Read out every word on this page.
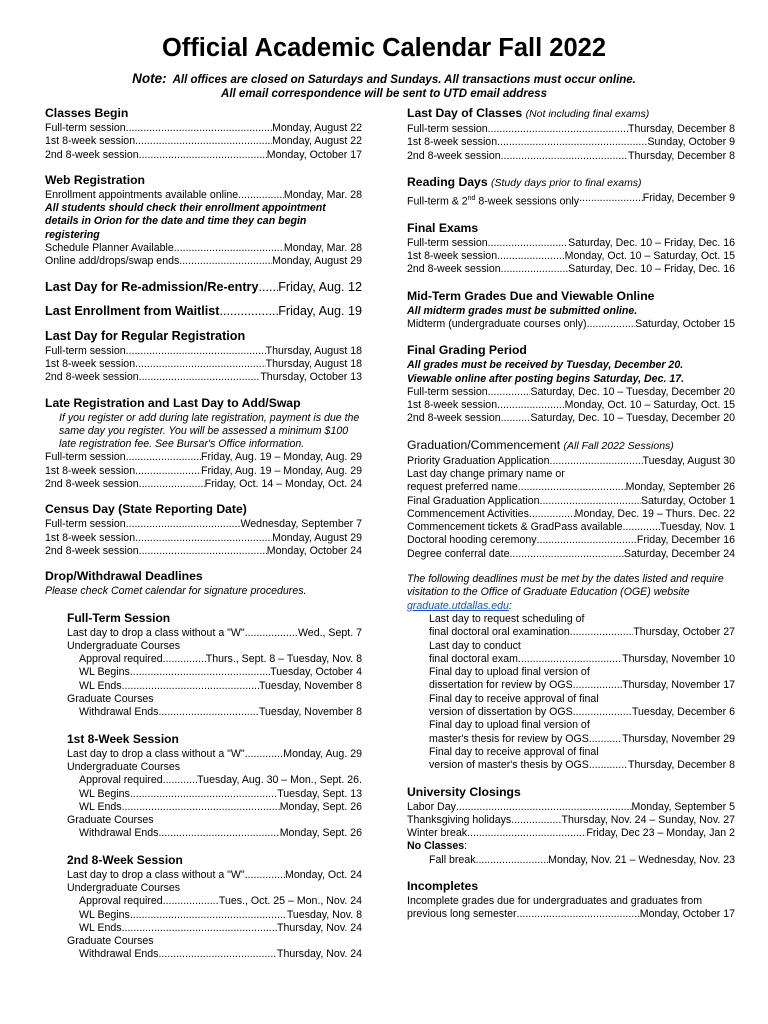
Official Academic Calendar Fall 2022
Note: All offices are closed on Saturdays and Sundays. All transactions must occur online.
All email correspondence will be sent to UTD email address
Classes Begin
Full-term session .....	Monday, August 22
1st 8-week session .....	Monday, August 22
2nd 8-week session .....	Monday, October 17
Web Registration
Enrollment appointments available online .....	Monday, Mar. 28
All students should check their enrollment appointment details in Orion for the date and time they can begin registering
Schedule Planner Available .....	Monday, Mar. 28
Online add/drops/swap ends .....	Monday, August 29
Last Day for Re-admission/Re-entry ..... Friday, Aug. 12
Last Enrollment from Waitlist .....	Friday, Aug. 19
Last Day for Regular Registration
Full-term session .....	Thursday, August 18
1st 8-week session .....	Thursday, August 18
2nd 8-week session .....	Thursday, October 13
Late Registration and Last Day to Add/Swap
If you register or add during late registration, payment is due the same day you register. You will be assessed a minimum $100 late registration fee. See Bursar's Office information.
Full-term session .....	Friday, Aug. 19 – Monday, Aug. 29
1st 8-week session .....	Friday, Aug. 19 – Monday, Aug. 29
2nd 8-week session .....	Friday, Oct. 14 – Monday, Oct. 24
Census Day (State Reporting Date)
Full-term session .....	Wednesday, September 7
1st 8-week session .....	Monday, August 29
2nd 8-week session .....	Monday, October 24
Drop/Withdrawal Deadlines
Please check Comet calendar for signature procedures.
Full-Term Session
Last day to drop a class without a "W" .....	Wed., Sept. 7
Undergraduate Courses
Approval required .....	Thurs., Sept. 8 – Tuesday, Nov. 8
WL Begins .....	Tuesday, October 4
WL Ends .....	Tuesday, November 8
Graduate Courses
Withdrawal Ends .....	Tuesday, November 8
1st 8-Week Session
Last day to drop a class without a "W" .....	Monday, Aug. 29
Undergraduate Courses
Approval required .....	Tuesday, Aug. 30 – Mon., Sept. 26.
WL Begins .....	Tuesday, Sept. 13
WL Ends .....	Monday, Sept. 26
Graduate Courses
Withdrawal Ends .....	Monday, Sept. 26
2nd 8-Week Session
Last day to drop a class without a "W" .....	Monday, Oct. 24
Undergraduate Courses
Approval required .....	Tues., Oct. 25 – Mon., Nov. 24
WL Begins .....	Tuesday, Nov. 8
WL Ends .....	Thursday, Nov. 24
Graduate Courses
Withdrawal Ends .....	Thursday, Nov. 24
Last Day of Classes (Not including final exams)
Full-term session .....	Thursday, December 8
1st 8-week session .....	Sunday, October 9
2nd 8-week session .....	Thursday, December 8
Reading Days (Study days prior to final exams)
Full-term & 2nd 8-week sessions only .....	Friday, December 9
Final Exams
Full-term session .....	Saturday, Dec. 10 – Friday, Dec. 16
1st 8-week session .....	Monday, Oct. 10 – Saturday, Oct. 15
2nd 8-week session .....	Saturday, Dec. 10 – Friday, Dec. 16
Mid-Term Grades Due and Viewable Online
All midterm grades must be submitted online.
Midterm (undergraduate courses only) .....	Saturday, October 15
Final Grading Period
All grades must be received by Tuesday, December 20.
Viewable online after posting begins Saturday, Dec. 17.
Full-term session .....	Saturday, Dec. 10 – Tuesday, December 20
1st 8-week session .....	Monday, Oct. 10 – Saturday, Oct. 15
2nd 8-week session .....	Saturday, Dec. 10 – Tuesday, December 20
Graduation/Commencement (All Fall 2022 Sessions)
Priority Graduation Application .....	Tuesday, August 30
Last day change primary name or
request preferred name .....	Monday, September 26
Final Graduation Application .....	Saturday, October 1
Commencement Activities .....	Monday, Dec. 19 – Thurs. Dec. 22
Commencement tickets & GradPass available .....	Tuesday, Nov. 1
Doctoral hooding ceremony .....	Friday, December 16
Degree conferral date .....	Saturday, December 24
The following deadlines must be met by the dates listed and require visitation to the Office of Graduate Education (OGE) website graduate.utdallas.edu:
Last day to request scheduling of
final doctoral oral examination .....	Thursday, October 27
Last day to conduct
final doctoral exam .....	Thursday, November 10
Final day to upload final version of
dissertation for review by OGS .....	Thursday, November 17
Final day to receive approval of final
version of dissertation by OGS .....	Tuesday, December 6
Final day to upload final version of
master's thesis for review by OGS .....	Thursday, November 29
Final day to receive approval of final
version of master's thesis by OGS .....	Thursday, December 8
University Closings
Labor Day .....	Monday, September 5
Thanksgiving holidays .....	Thursday, Nov. 24 – Sunday, Nov. 27
Winter break .....	Friday, Dec 23 – Monday, Jan 2
No Classes:
Fall break .....	Monday, Nov. 21 – Wednesday, Nov. 23
Incompletes
Incomplete grades due for undergraduates and graduates from
previous long semester .....	Monday, October 17
